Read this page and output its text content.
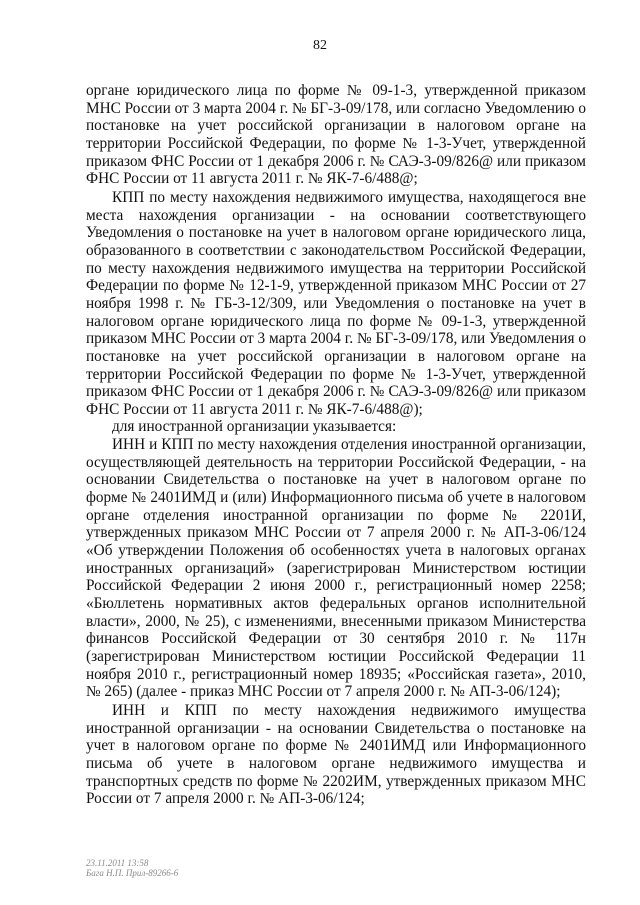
82

органе юридического лица по форме № 09-1-3, утвержденной приказом МНС России от 3 марта 2004 г. № БГ-3-09/178, или согласно Уведомлению о постановке на учет российской организации в налоговом органе на территории Российской Федерации, по форме № 1-3-Учет, утвержденной приказом ФНС России от 1 декабря 2006 г. № САЭ-3-09/826@ или приказом ФНС России от 11 августа 2011 г. № ЯК-7-6/488@;

КПП по месту нахождения недвижимого имущества, находящегося вне места нахождения организации - на основании соответствующего Уведомления о постановке на учет в налоговом органе юридического лица, образованного в соответствии с законодательством Российской Федерации, по месту нахождения недвижимого имущества на территории Российской Федерации по форме № 12-1-9, утвержденной приказом МНС России от 27 ноября 1998 г. № ГБ-3-12/309, или Уведомления о постановке на учет в налоговом органе юридического лица по форме № 09-1-3, утвержденной приказом МНС России от 3 марта 2004 г. № БГ-3-09/178, или Уведомления о постановке на учет российской организации в налоговом органе на территории Российской Федерации по форме № 1-3-Учет, утвержденной приказом ФНС России от 1 декабря 2006 г. № САЭ-3-09/826@ или приказом ФНС России от 11 августа 2011 г. № ЯК-7-6/488@);

для иностранной организации указывается:

ИНН и КПП по месту нахождения отделения иностранной организации, осуществляющей деятельность на территории Российской Федерации, - на основании Свидетельства о постановке на учет в налоговом органе по форме № 2401ИМД и (или) Информационного письма об учете в налоговом органе отделения иностранной организации по форме № 2201И, утвержденных приказом МНС России от 7 апреля 2000 г. № АП-3-06/124 «Об утверждении Положения об особенностях учета в налоговых органах иностранных организаций» (зарегистрирован Министерством юстиции Российской Федерации 2 июня 2000 г., регистрационный номер 2258; «Бюллетень нормативных актов федеральных органов исполнительной власти», 2000, № 25), с изменениями, внесенными приказом Министерства финансов Российской Федерации от 30 сентября 2010 г. № 117н (зарегистрирован Министерством юстиции Российской Федерации 11 ноября 2010 г., регистрационный номер 18935; «Российская газета», 2010, № 265) (далее - приказ МНС России от 7 апреля 2000 г. № АП-3-06/124);

ИНН и КПП по месту нахождения недвижимого имущества иностранной организации - на основании Свидетельства о постановке на учет в налоговом органе по форме № 2401ИМД или Информационного письма об учете в налоговом органе недвижимого имущества и транспортных средств по форме № 2202ИМ, утвержденных приказом МНС России от 7 апреля 2000 г. № АП-3-06/124;

23.11.2011 13:58
Бага Н.П. Прил-89266-6
